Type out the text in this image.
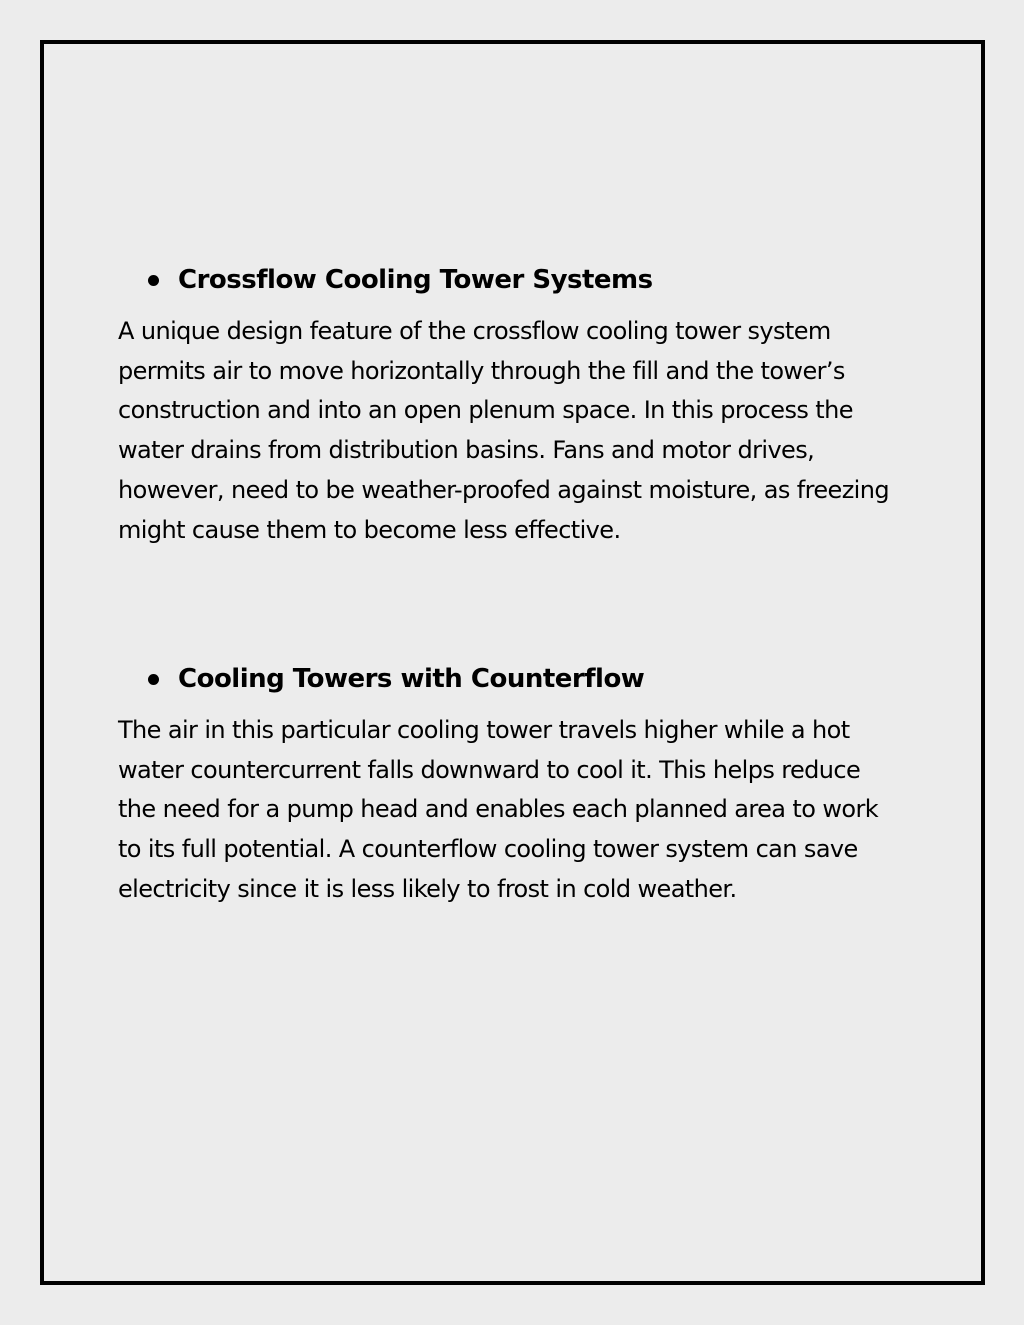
Crossflow Cooling Tower Systems

A unique design feature of the crossflow cooling tower system permits air to move horizontally through the fill and the tower’s construction and into an open plenum space. In this process the water drains from distribution basins. Fans and motor drives, however, need to be weather-proofed against moisture, as freezing might cause them to become less effective.

Cooling Towers with Counterflow

The air in this particular cooling tower travels higher while a hot water countercurrent falls downward to cool it. This helps reduce the need for a pump head and enables each planned area to work to its full potential. A counterflow cooling tower system can save electricity since it is less likely to frost in cold weather.
